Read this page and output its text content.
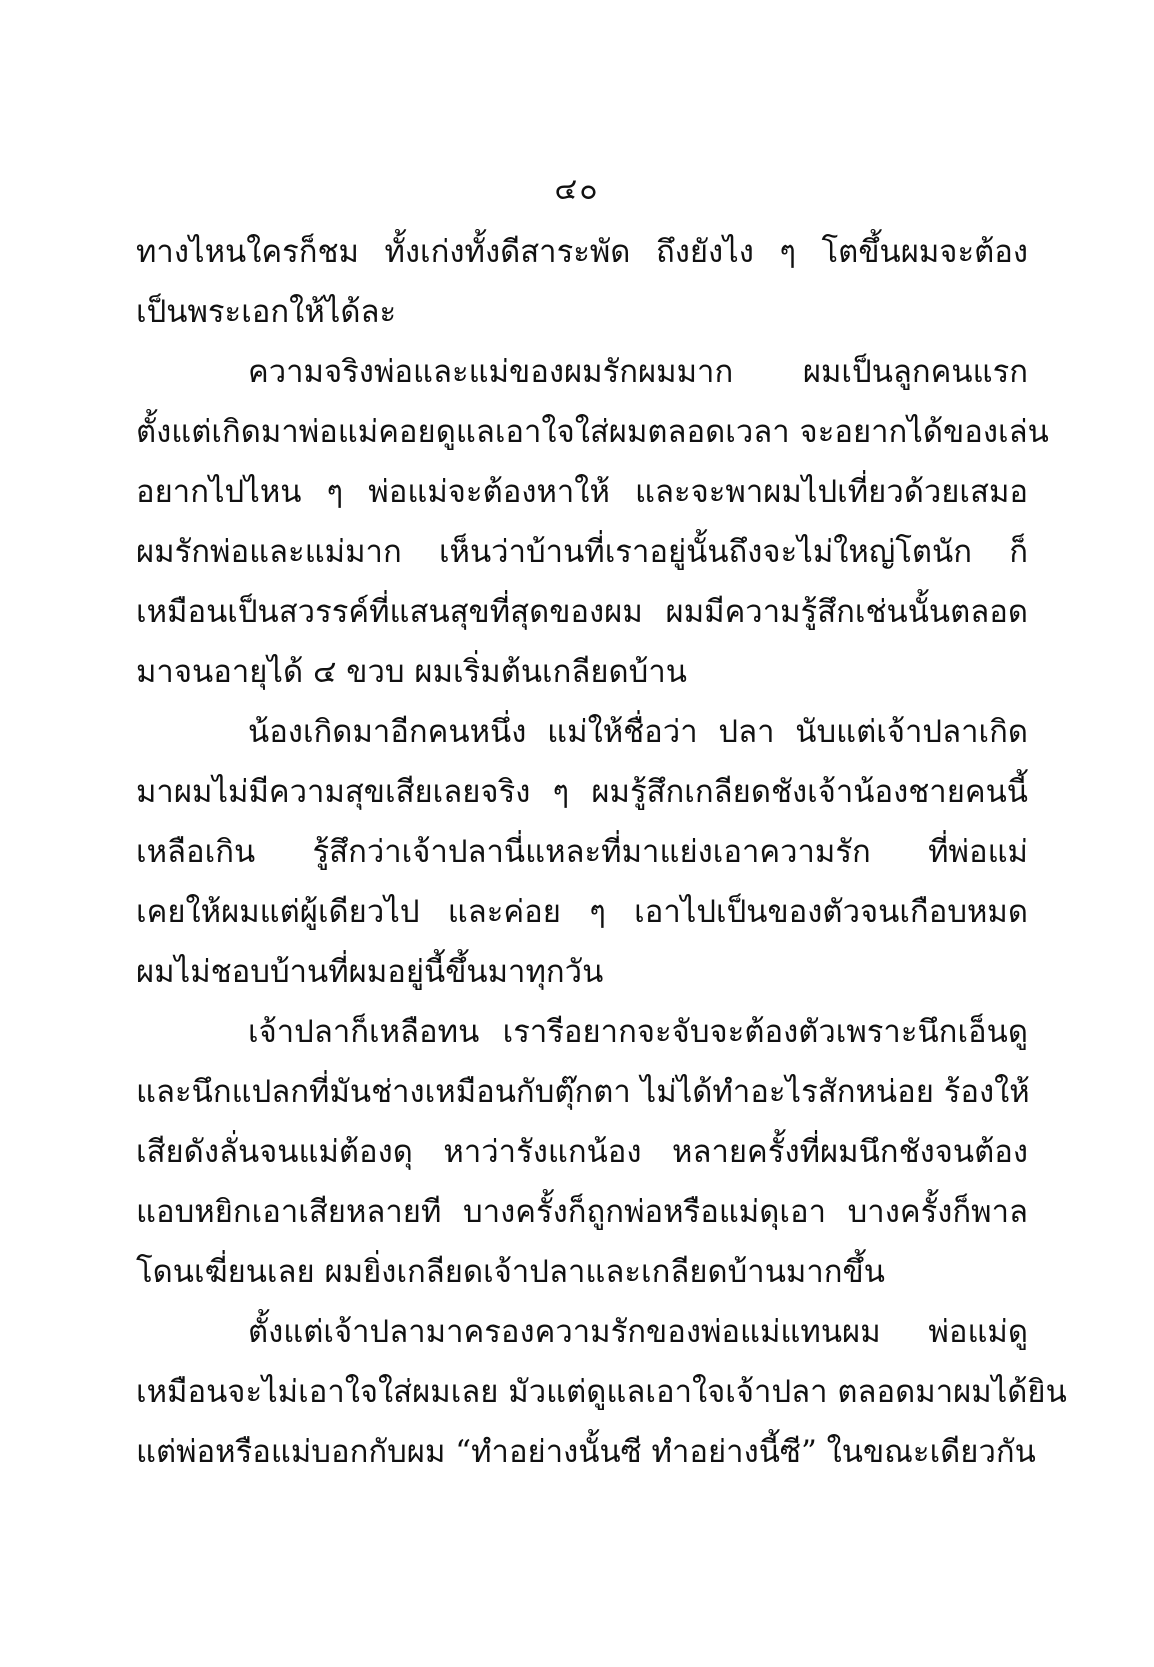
๔๐
ทางไหนใครก็ชม ทั้งเก่งทั้งดีสาระพัด ถึงยังไง ๆ โตขึ้นผมจะต้อง
เป็นพระเอกให้ได้ละ
ความจริงพ่อและแม่ของผมรักผมมาก ผมเป็นลูกคนแรก
ตั้งแต่เกิดมาพ่อแม่คอยดูแลเอาใจใส่ผมตลอดเวลา จะอยากได้ของเล่น
อยากไปไหน ๆ พ่อแม่จะต้องหาให้ และจะพาผมไปเที่ยวด้วยเสมอ
ผมรักพ่อและแม่มาก เห็นว่าบ้านที่เราอยู่นั้นถึงจะไม่ใหญ่โตนัก ก็
เหมือนเป็นสวรรค์ที่แสนสุขที่สุดของผม ผมมีความรู้สึกเช่นนั้นตลอด
มาจนอายุได้ ๔ ขวบ ผมเริ่มต้นเกลียดบ้าน
น้องเกิดมาอีกคนหนึ่ง แม่ให้ชื่อว่า ปลา นับแต่เจ้าปลาเกิด
มาผมไม่มีความสุขเสียเลยจริง ๆ ผมรู้สึกเกลียดชังเจ้าน้องชายคนนี้
เหลือเกิน รู้สึกว่าเจ้าปลานี่แหละที่มาแย่งเอาความรัก ที่พ่อแม่
เคยให้ผมแต่ผู้เดียวไป และค่อย ๆ เอาไปเป็นของตัวจนเกือบหมด
ผมไม่ชอบบ้านที่ผมอยู่นี้ขึ้นมาทุกวัน
เจ้าปลาก็เหลือทน เรารีอยากจะจับจะต้องตัวเพราะนึกเอ็นดู
และนึกแปลกที่มันช่างเหมือนกับตุ๊กตา ไม่ได้ทำอะไรสักหน่อย ร้องให้
เสียดังลั่นจนแม่ต้องดุ หาว่ารังแกน้อง หลายครั้งที่ผมนึกชังจนต้อง
แอบหยิกเอาเสียหลายที บางครั้งก็ถูกพ่อหรือแม่ดุเอา บางครั้งก็พาล
โดนเฆี่ยนเลย ผมยิ่งเกลียดเจ้าปลาและเกลียดบ้านมากขึ้น
ตั้งแต่เจ้าปลามาครองความรักของพ่อแม่แทนผม พ่อแม่ดู
เหมือนจะไม่เอาใจใส่ผมเลย มัวแต่ดูแลเอาใจเจ้าปลา ตลอดมาผมได้ยิน
แต่พ่อหรือแม่บอกกับผม “ทำอย่างนั้นซี ทำอย่างนี้ซี” ในขณะเดียวกัน
